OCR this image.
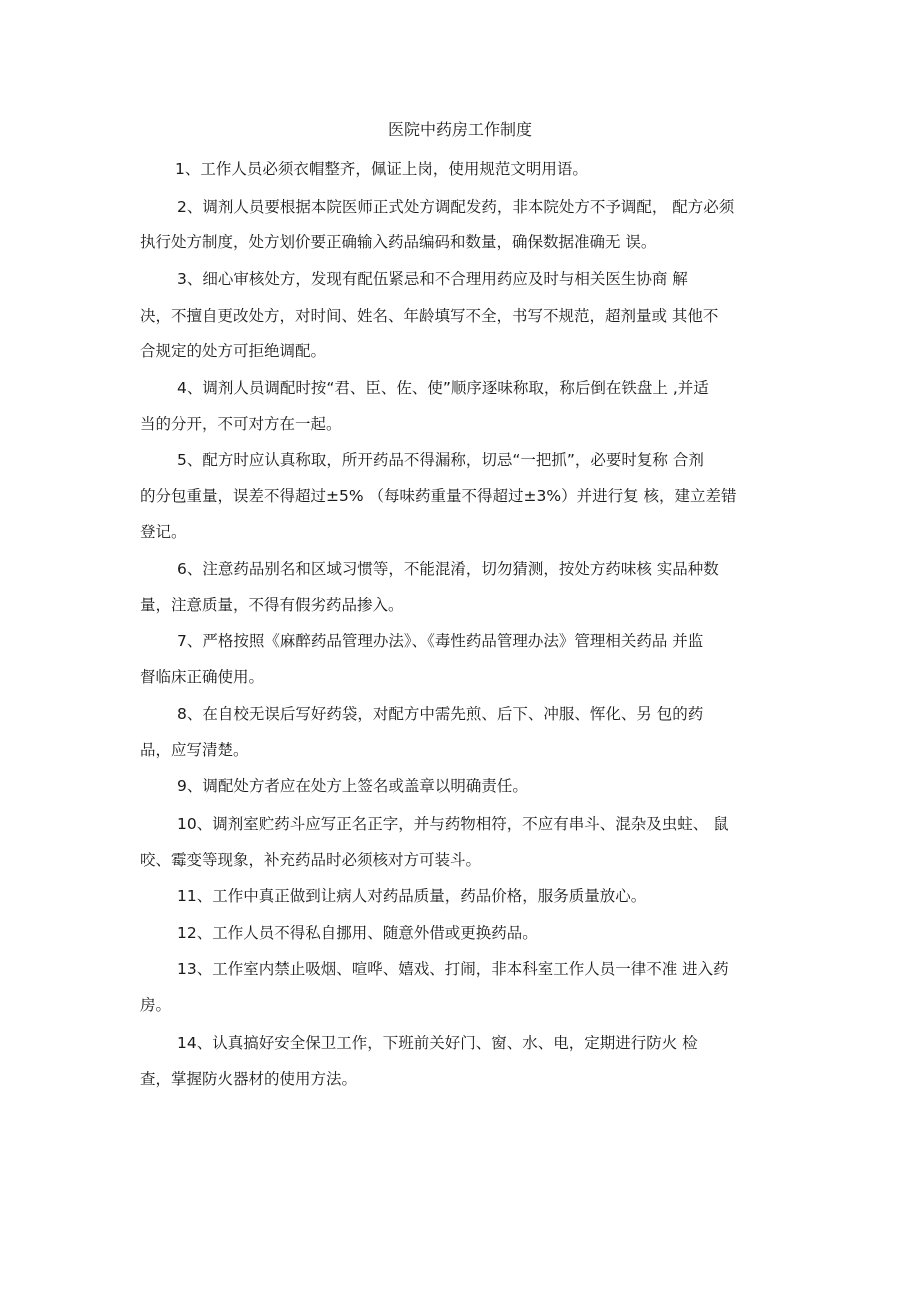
医院中药房工作制度
1、工作人员必须衣帽整齐，佩证上岗，使用规范文明用语。
2、调剂人员要根据本院医师正式处方调配发药，非本院处方不予调配， 配方必须
执行处方制度，处方划价要正确输入药品编码和数量，确保数据准确无 误。
3、细心审核处方，发现有配伍紧忌和不合理用药应及时与相关医生协商 解
决，不擅自更改处方，对时间、姓名、年龄填写不全，书写不规范，超剂量或 其他不
合规定的处方可拒绝调配。
4、调剂人员调配时按“君、臣、佐、使”顺序逐味称取，称后倒在铁盘上 ,并适
当的分开，不可对方在一起。
5、配方时应认真称取，所开药品不得漏称，切忌“一把抓”，必要时复称 合剂
的分包重量，误差不得超过±5% （每味药重量不得超过±3%）并进行复 核，建立差错
登记。
6、注意药品别名和区域习惯等，不能混淆，切勿猜测，按处方药味核 实品种数
量，注意质量，不得有假劣药品掺入。
7、严格按照《麻醉药品管理办法》、《毒性药品管理办法》管理相关药品 并监
督临床正确使用。
8、在自校无误后写好药袋，对配方中需先煎、后下、冲服、恽化、另 包的药
品，应写清楚。
9、调配处方者应在处方上签名或盖章以明确责任。
10、调剂室贮药斗应写正名正字，并与药物相符，不应有串斗、混杂及虫蛀、 鼠
咬、霉变等现象，补充药品时必须核对方可装斗。
11、工作中真正做到让病人对药品质量，药品价格，服务质量放心。
12、工作人员不得私自挪用、随意外借或更换药品。
13、工作室内禁止吸烟、喧哗、嬉戏、打闹，非本科室工作人员一律不准 进入药
房。
14、认真搞好安全保卫工作，下班前关好门、窗、水、电，定期进行防火 检
查，掌握防火器材的使用方法。
